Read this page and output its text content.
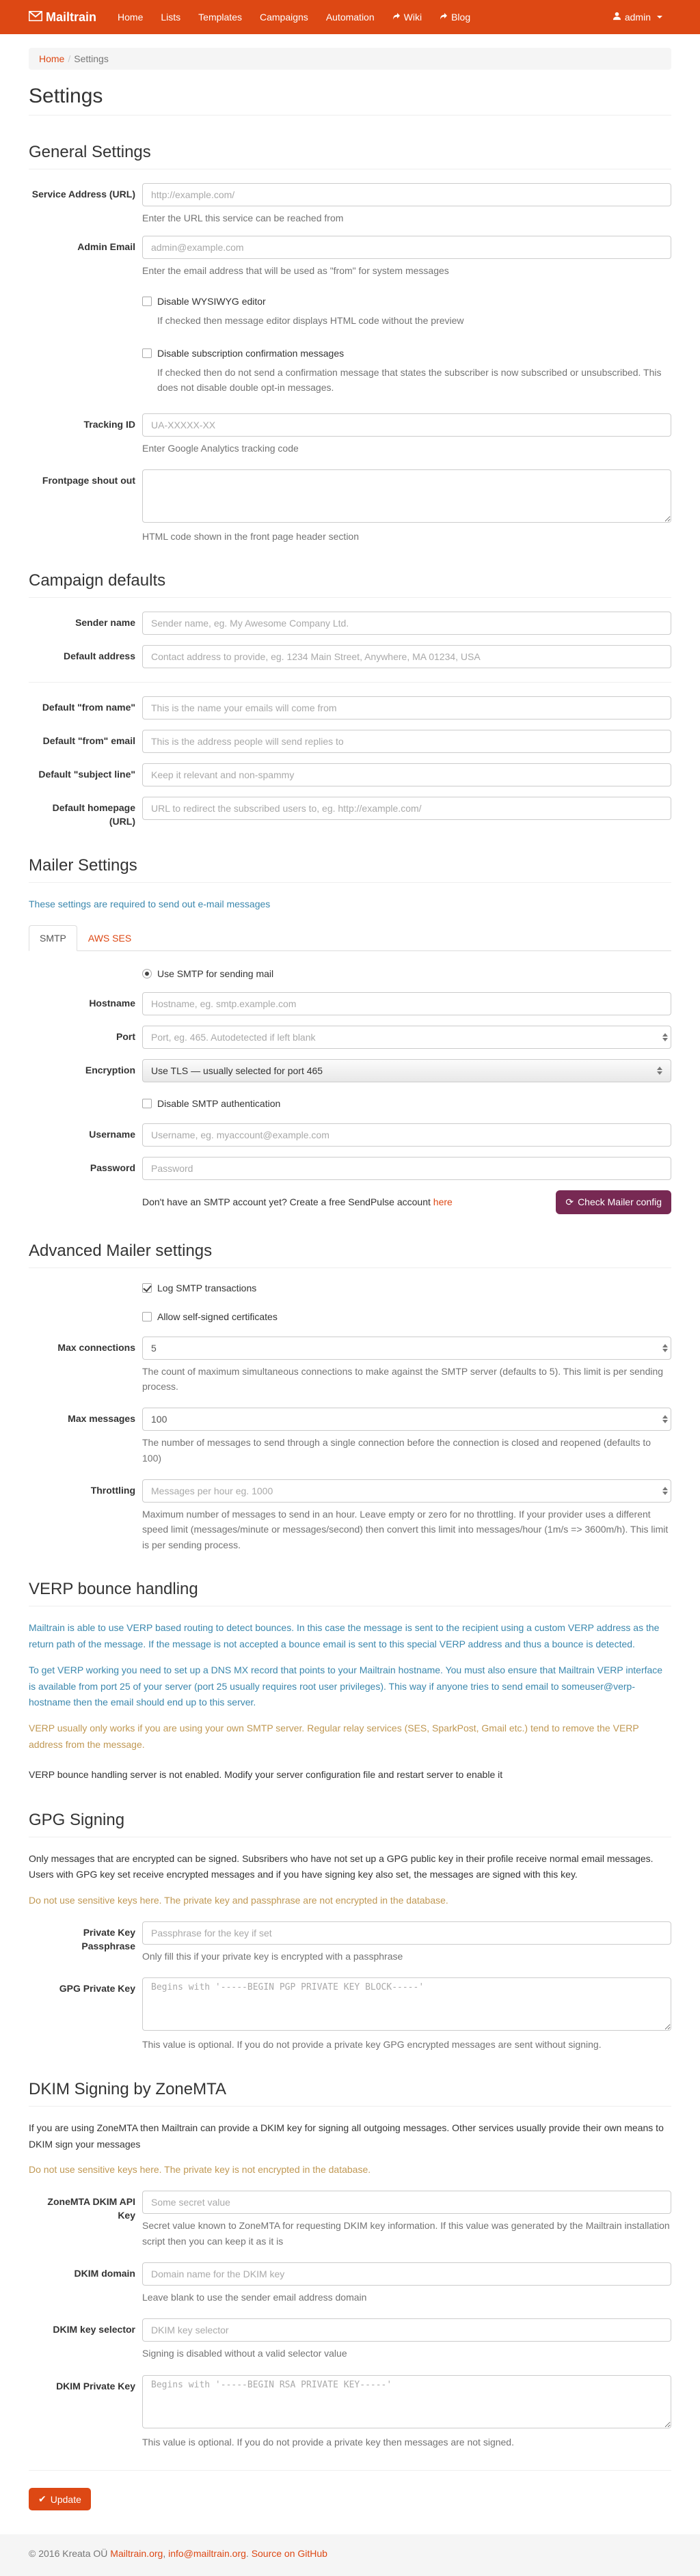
Mailtrain Home Lists Templates Campaigns Automation	Wiki	Blog	admin
Home / Settings
Settings
General Settings
Service Address (URL)
http://example.com/
Enter the URL this service can be reached from
Admin Email
admin@example.com
Enter the email address that will be used as "from" for system messages
Disable WYSIWYG editor
If checked then message editor displays HTML code without the preview
Disable subscription confirmation messages
If checked then do not send a confirmation message that states the subscriber is now subscribed or unsubscribed. This does not disable double opt-in messages.
Tracking ID
UA-XXXXX-XX
Enter Google Analytics tracking code
Frontpage shout out
HTML code shown in the front page header section
Campaign defaults
Sender name
Sender name, eg. My Awesome Company Ltd.
Default address
Contact address to provide, eg. 1234 Main Street, Anywhere, MA 01234, USA
Default "from name"
This is the name your emails will come from
Default "from" email
This is the address people will send replies to
Default "subject line"
Keep it relevant and non-spammy
Default homepage (URL)
URL to redirect the subscribed users to, eg. http://example.com/
Mailer Settings

These settings are required to send out e-mail messages

SMTP	AWS SES
Use SMTP for sending mail
Hostname
Hostname, eg. smtp.example.com
Port
Port, eg. 465. Autodetected if left blank
Encryption	Use TLS — usually selected for port 465
Disable SMTP authentication
Username
Username, eg. myaccount@example.com
Password
Don't have an SMTP account yet? Create a free SendPulse account here	⟳ Check Mailer config
Advanced Mailer settings
Log SMTP transactions
Allow self-signed certificates
Max connections
5
The count of maximum simultaneous connections to make against the SMTP server (defaults to 5). This limit is per sending process.
Max messages
100
The number of messages to send through a single connection before the connection is closed and reopened (defaults to 100)
Throttling
Messages per hour eg. 1000
Maximum number of messages to send in an hour. Leave empty or zero for no throttling. If your provider uses a different speed limit (messages/minute or messages/second) then convert this limit into messages/hour (1m/s => 3600m/h). This limit is per sending process.
VERP bounce handling

Mailtrain is able to use VERP based routing to detect bounces. In this case the message is sent to the recipient using a custom VERP address as the return path of the message. If the message is not accepted a bounce email is sent to this special VERP address and thus a bounce is detected.

To get VERP working you need to set up a DNS MX record that points to your Mailtrain hostname. You must also ensure that Mailtrain VERP interface is available from port 25 of your server (port 25 usually requires root user privileges). This way if anyone tries to send email to someuser@verp-hostname then the email should end up to this server.

VERP usually only works if you are using your own SMTP server. Regular relay services (SES, SparkPost, Gmail etc.) tend to remove the VERP address from the message.

VERP bounce handling server is not enabled. Modify your server configuration file and restart server to enable it

GPG Signing

Only messages that are encrypted can be signed. Subsribers who have not set up a GPG public key in their profile receive normal email messages. Users with GPG key set receive encrypted messages and if you have signing key also set, the messages are signed with this key.

Do not use sensitive keys here. The private key and passphrase are not encrypted in the database.

Private Key Passphrase
Passphrase for the key if set
Only fill this if your private key is encrypted with a passphrase
GPG Private Key
Begins with '-----BEGIN PGP PRIVATE KEY BLOCK-----'
This value is optional. If you do not provide a private key GPG encrypted messages are sent without signing.
DKIM Signing by ZoneMTA

If you are using ZoneMTA then Mailtrain can provide a DKIM key for signing all outgoing messages. Other services usually provide their own means to DKIM sign your messages

Do not use sensitive keys here. The private key is not encrypted in the database.

ZoneMTA DKIM API Key
Some secret value
Secret value known to ZoneMTA for requesting DKIM key information. If this value was generated by the Mailtrain installation script then you can keep it as it is
DKIM domain
Domain name for the DKIM key
Leave blank to use the sender email address domain
DKIM key selector
DKIM key selector
Signing is disabled without a valid selector value
DKIM Private Key
Begins with '-----BEGIN RSA PRIVATE KEY-----'
This value is optional. If you do not provide a private key then messages are not signed.
✔ Update
© 2016 Kreata OÜ Mailtrain.org, info@mailtrain.org. Source on GitHub
